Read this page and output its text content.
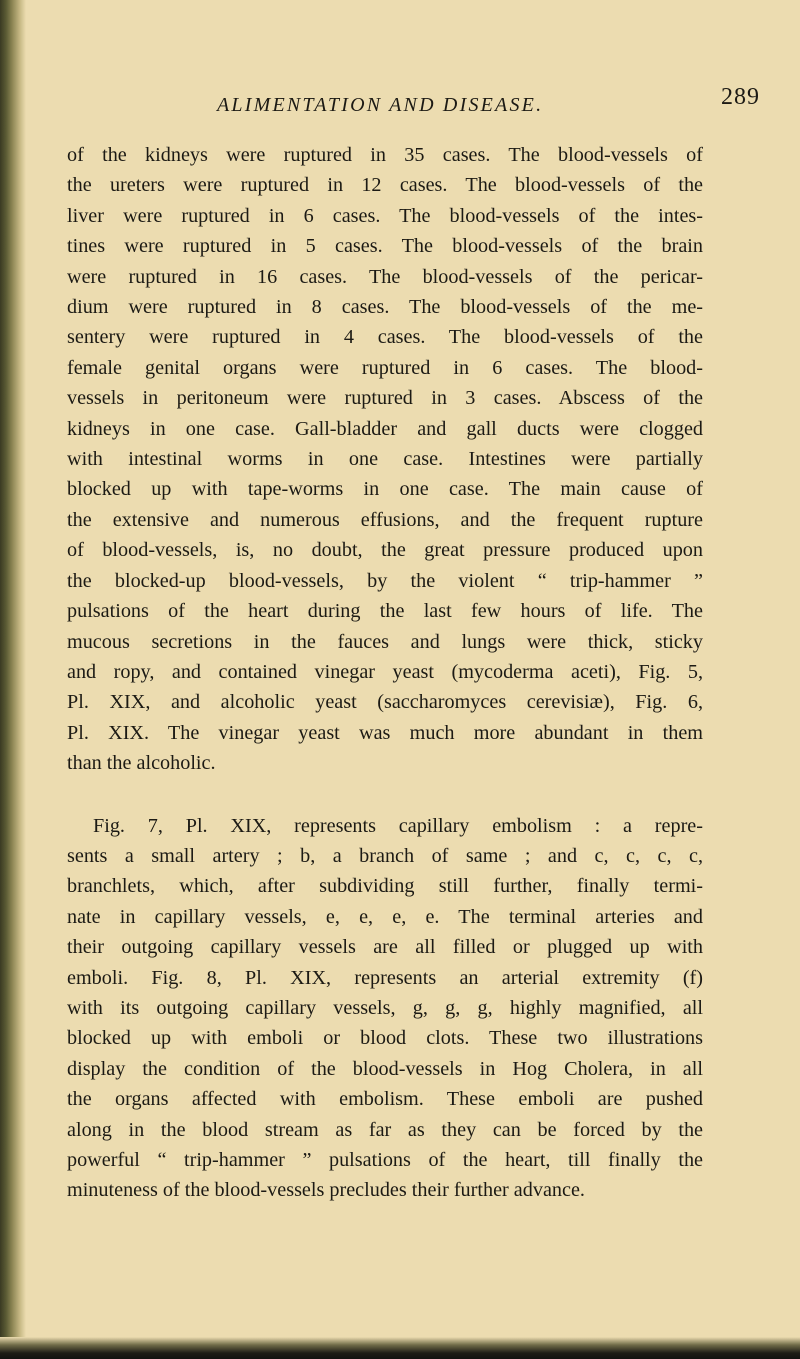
ALIMENTATION AND DISEASE.	289
of the kidneys were ruptured in 35 cases. The blood-vessels of
the ureters were ruptured in 12 cases. The blood-vessels of the
liver were ruptured in 6 cases. The blood-vessels of the intes-
tines were ruptured in 5 cases. The blood-vessels of the brain
were ruptured in 16 cases. The blood-vessels of the pericar-
dium were ruptured in 8 cases. The blood-vessels of the me-
sentery were ruptured in 4 cases. The blood-vessels of the
female genital organs were ruptured in 6 cases. The blood-
vessels in peritoneum were ruptured in 3 cases. Abscess of the
kidneys in one case. Gall-bladder and gall ducts were clogged
with intestinal worms in one case. Intestines were partially
blocked up with tape-worms in one case. The main cause of
the extensive and numerous effusions, and the frequent rupture
of blood-vessels, is, no doubt, the great pressure produced upon
the blocked-up blood-vessels, by the violent “ trip-hammer ”
pulsations of the heart during the last few hours of life. The
mucous secretions in the fauces and lungs were thick, sticky
and ropy, and contained vinegar yeast (mycoderma aceti), Fig. 5,
Pl. XIX, and alcoholic yeast (saccharomyces cerevisiæ), Fig. 6,
Pl. XIX. The vinegar yeast was much more abundant in them
than the alcoholic.
Fig. 7, Pl. XIX, represents capillary embolism : a repre-
sents a small artery ; b, a branch of same ; and c, c, c, c,
branchlets, which, after subdividing still further, finally termi-
nate in capillary vessels, e, e, e, e. The terminal arteries and
their outgoing capillary vessels are all filled or plugged up with
emboli. Fig. 8, Pl. XIX, represents an arterial extremity (f)
with its outgoing capillary vessels, g, g, g, highly magnified, all
blocked up with emboli or blood clots. These two illustrations
display the condition of the blood-vessels in Hog Cholera, in all
the organs affected with embolism. These emboli are pushed
along in the blood stream as far as they can be forced by the
powerful “ trip-hammer ” pulsations of the heart, till finally the
minuteness of the blood-vessels precludes their further advance.
